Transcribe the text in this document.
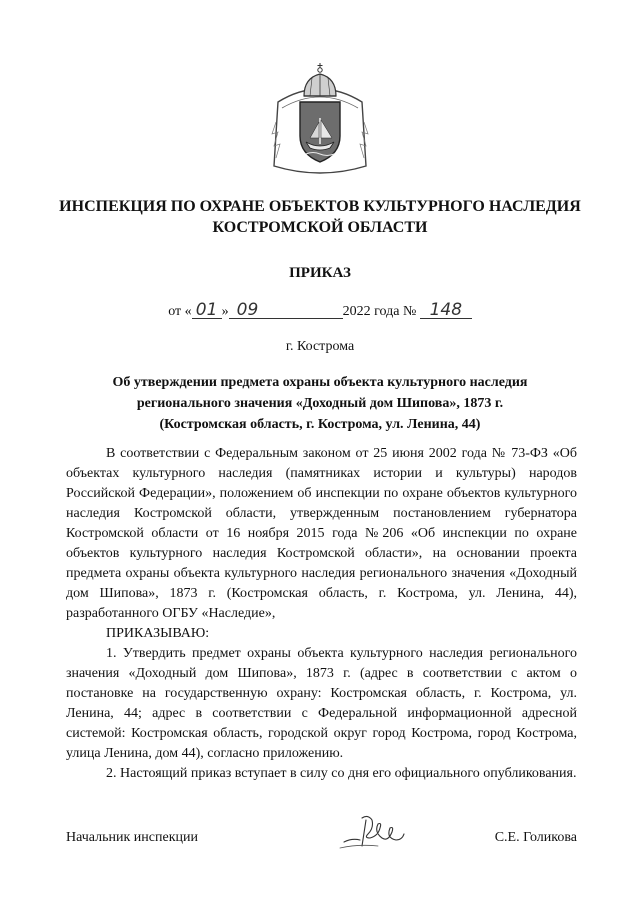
ИНСПЕКЦИЯ ПО ОХРАНЕ ОБЪЕКТОВ КУЛЬТУРНОГО НАСЛЕДИЯ
КОСТРОМСКОЙ ОБЛАСТИ
ПРИКАЗ
от « 01 » 09	2022 года № 148
г. Кострома
Об утверждении предмета охраны объекта культурного наследия
регионального значения «Доходный дом Шипова», 1873 г.
(Костромская область, г. Кострома, ул. Ленина, 44)

В соответствии с Федеральным законом от 25 июня 2002 года № 73-ФЗ «Об объектах культурного наследия (памятниках истории и культуры) народов Российской Федерации», положением об инспекции по охране объектов культурного наследия Костромской области, утвержденным постановлением губернатора Костромской области от 16 ноября 2015 года №206 «Об инспекции по охране объектов культурного наследия Костромской области», на основании проекта предмета охраны объекта культурного наследия регионального значения «Доходный дом Шипова», 1873 г. (Костромская область, г. Кострома, ул. Ленина, 44), разработанного ОГБУ «Наследие»,

ПРИКАЗЫВАЮ:

1. Утвердить предмет охраны объекта культурного наследия регионального значения «Доходный дом Шипова», 1873 г. (адрес в соответствии с актом о постановке на государственную охрану: Костромская область, г. Кострома, ул. Ленина, 44; адрес в соответствии с Федеральной информационной адресной системой: Костромская область, городской округ город Кострома, город Кострома, улица Ленина, дом 44), согласно приложению.

2. Настоящий приказ вступает в силу со дня его официального опубликования.

Начальник инспекции	С.Е. Голикова
